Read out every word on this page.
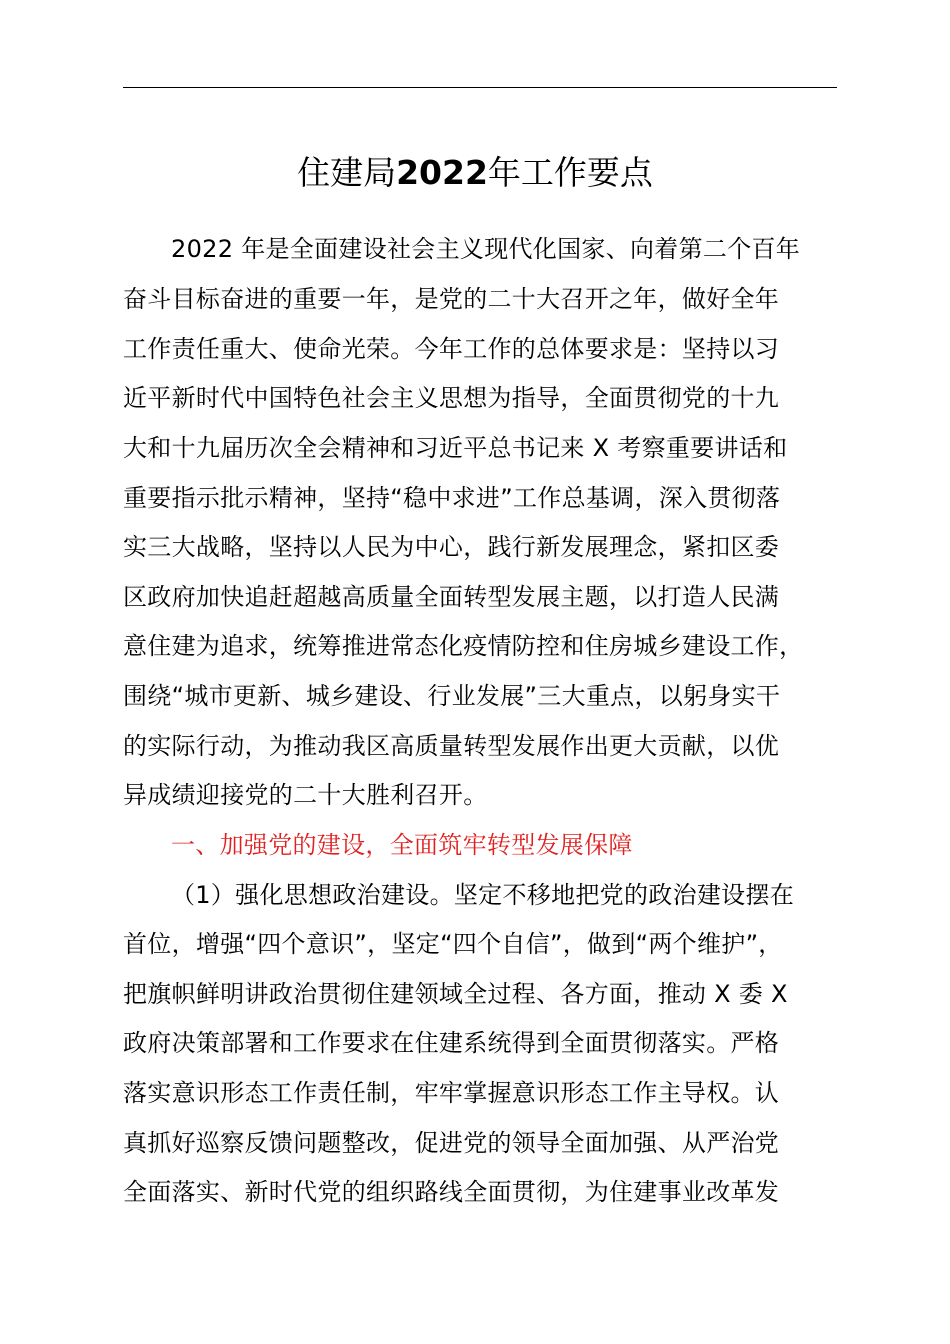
住建局2022年工作要点
2022 年是全面建设社会主义现代化国家、向着第二个百年
奋斗目标奋进的重要一年，是党的二十大召开之年，做好全年
工作责任重大、使命光荣。今年工作的总体要求是：坚持以习
近平新时代中国特色社会主义思想为指导，全面贯彻党的十九
大和十九届历次全会精神和习近平总书记来 X 考察重要讲话和
重要指示批示精神，坚持“稳中求进”工作总基调，深入贯彻落
实三大战略，坚持以人民为中心，践行新发展理念，紧扣区委
区政府加快追赶超越高质量全面转型发展主题，以打造人民满
意住建为追求，统筹推进常态化疫情防控和住房城乡建设工作，
围绕“城市更新、城乡建设、行业发展”三大重点，以躬身实干
的实际行动，为推动我区高质量转型发展作出更大贡献，以优
异成绩迎接党的二十大胜利召开。
一、加强党的建设，全面筑牢转型发展保障
（1）强化思想政治建设。坚定不移地把党的政治建设摆在
首位，增强“四个意识”，坚定“四个自信”，做到“两个维护”，
把旗帜鲜明讲政治贯彻住建领域全过程、各方面，推动 X 委 X
政府决策部署和工作要求在住建系统得到全面贯彻落实。严格
落实意识形态工作责任制，牢牢掌握意识形态工作主导权。认
真抓好巡察反馈问题整改，促进党的领导全面加强、从严治党
全面落实、新时代党的组织路线全面贯彻，为住建事业改革发
